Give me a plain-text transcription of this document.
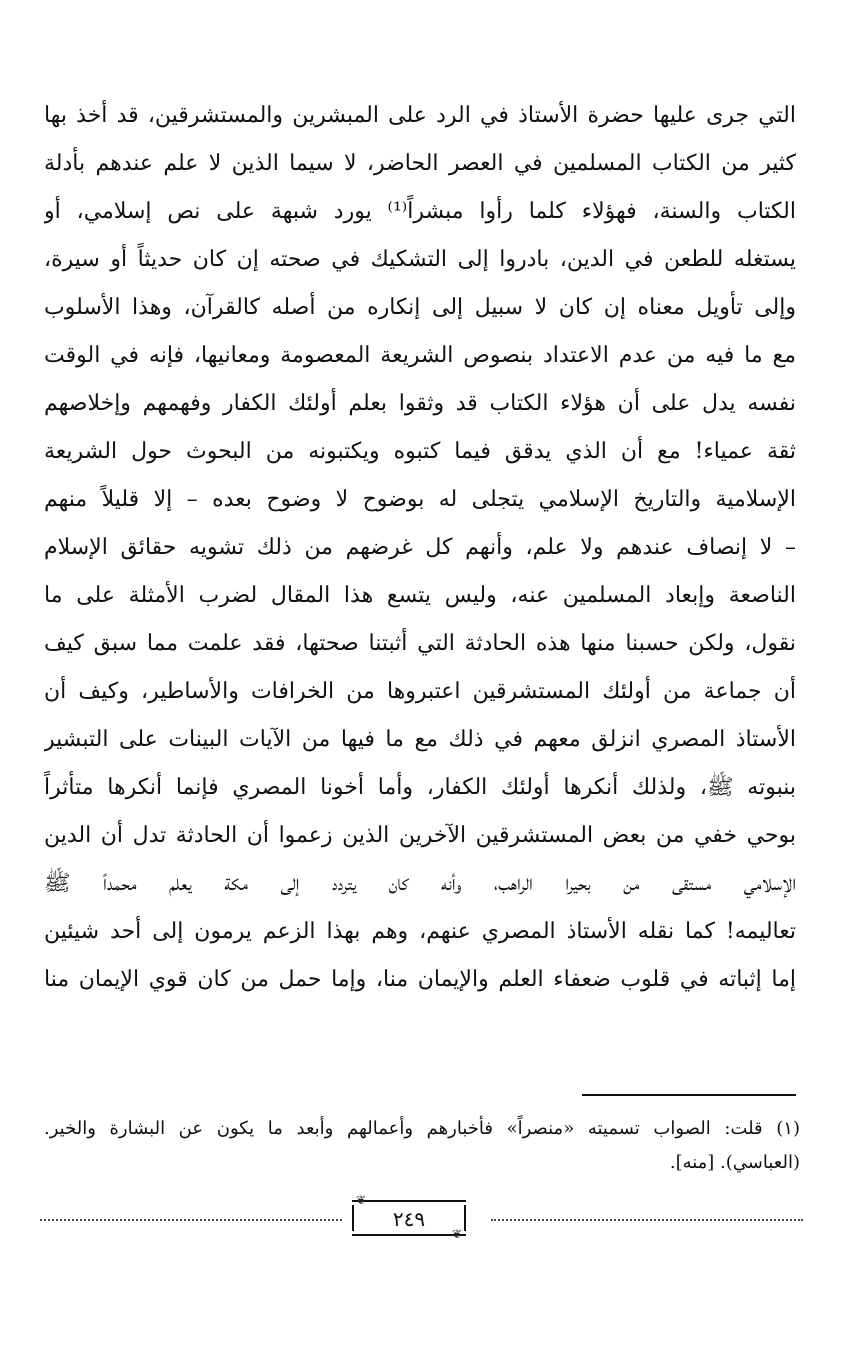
التي جرى عليها حضرة الأستاذ في الرد على المبشرين والمستشرقين، قد أخذ بها
كثير من الكتاب المسلمين في العصر الحاضر، لا سيما الذين لا علم عندهم بأدلة
الكتاب والسنة، فهؤلاء كلما رأوا مبشراً⁽¹⁾ يورد شبهة على نص إسلامي، أو
يستغله للطعن في الدين، بادروا إلى التشكيك في صحته إن كان حديثاً أو سيرة،
وإلى تأويل معناه إن كان لا سبيل إلى إنكاره من أصله كالقرآن، وهذا الأسلوب
مع ما فيه من عدم الاعتداد بنصوص الشريعة المعصومة ومعانيها، فإنه في الوقت
نفسه يدل على أن هؤلاء الكتاب قد وثقوا بعلم أولئك الكفار وفهمهم وإخلاصهم
ثقة عمياء! مع أن الذي يدقق فيما كتبوه ويكتبونه من البحوث حول الشريعة
الإسلامية والتاريخ الإسلامي يتجلى له بوضوح لا وضوح بعده – إلا قليلاً منهم
– لا إنصاف عندهم ولا علم، وأنهم كل غرضهم من ذلك تشويه حقائق الإسلام
الناصعة وإبعاد المسلمين عنه، وليس يتسع هذا المقال لضرب الأمثلة على ما
نقول، ولكن حسبنا منها هذه الحادثة التي أثبتنا صحتها، فقد علمت مما سبق كيف
أن جماعة من أولئك المستشرقين اعتبروها من الخرافات والأساطير، وكيف أن
الأستاذ المصري انزلق معهم في ذلك مع ما فيها من الآيات البينات على التبشير
بنبوته ﷺ، ولذلك أنكرها أولئك الكفار، وأما أخونا المصري فإنما أنكرها متأثراً
بوحي خفي من بعض المستشرقين الآخرين الذين زعموا أن الحادثة تدل أن الدين
الإسلامي مستقى من بحيرا الراهب، وأنه كان يتردد إلى مكة يعلم محمداً ﷺ
تعاليمه! كما نقله الأستاذ المصري عنهم، وهم بهذا الزعم يرمون إلى أحد شيئين
إما إثباته في قلوب ضعفاء العلم والإيمان منا، وإما حمل من كان قوي الإيمان منا
(١) قلت: الصواب تسميته «منصراً» فأخبارهم وأعمالهم وأبعد ما يكون عن البشارة والخير.
(العباسي). [منه].
❦
٢٤٩
❦
